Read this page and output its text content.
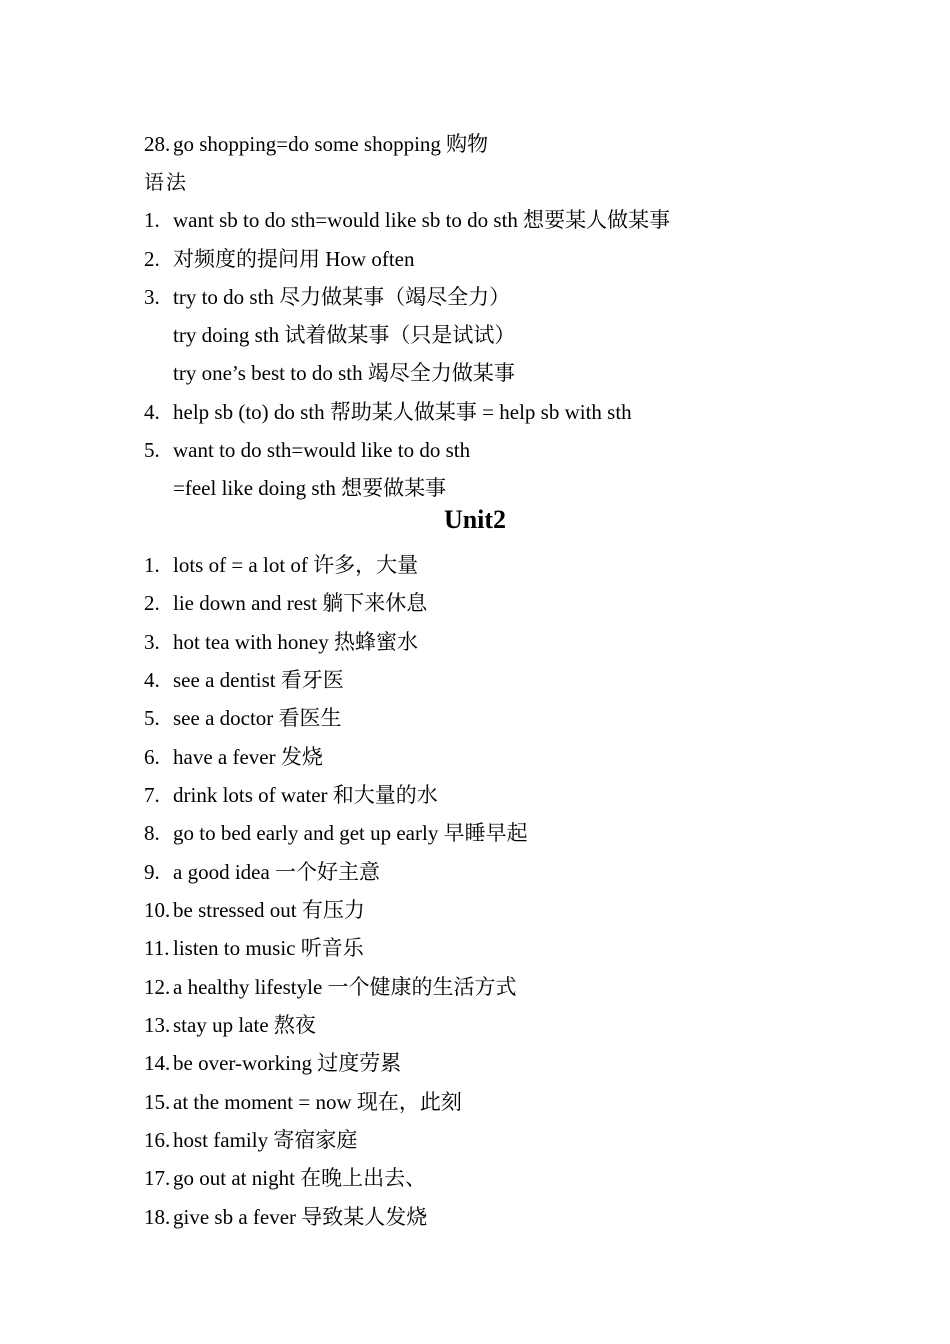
28. go shopping=do some shopping 购物
语法
1. want sb to do sth=would like sb to do sth 想要某人做某事
2. 对频度的提问用 How often
3. try to do sth 尽力做某事（竭尽全力）
try doing sth 试着做某事（只是试试）
try one’s best to do sth 竭尽全力做某事
4. help sb (to) do sth 帮助某人做某事 = help sb with sth
5. want to do sth=would like to do sth
=feel like doing sth 想要做某事
Unit2
1. lots of = a lot of 许多，大量
2. lie down and rest 躺下来休息
3. hot tea with honey 热蜂蜜水
4. see a dentist 看牙医
5. see a doctor 看医生
6. have a fever 发烧
7. drink lots of water 和大量的水
8. go to bed early and get up early 早睡早起
9. a good idea 一个好主意
10. be stressed out 有压力
11. listen to music 听音乐
12. a healthy lifestyle 一个健康的生活方式
13. stay up late 熬夜
14. be over-working 过度劳累
15. at the moment = now 现在，此刻
16. host family 寄宿家庭
17. go out at night 在晚上出去、
18. give sb a fever 导致某人发烧
